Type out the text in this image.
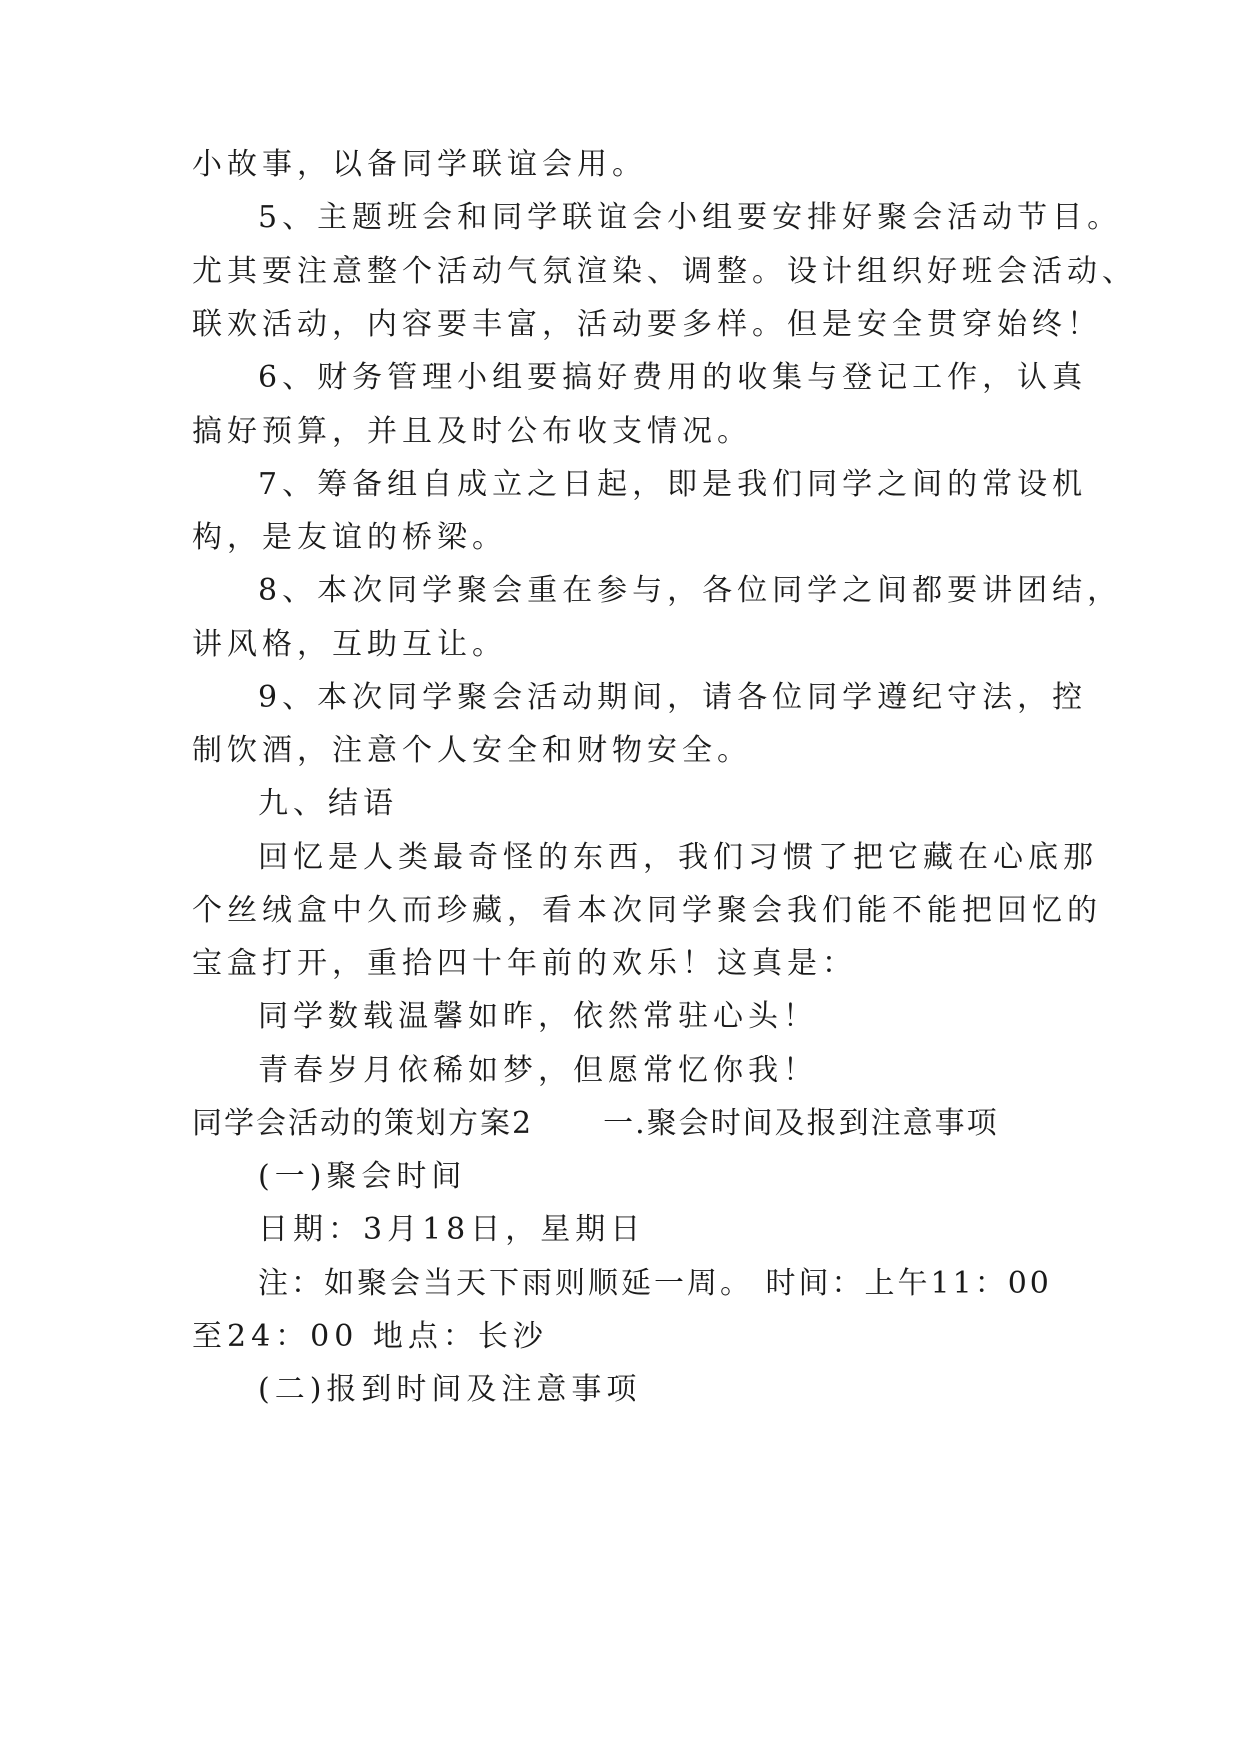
小故事，以备同学联谊会用。
5、主题班会和同学联谊会小组要安排好聚会活动节目。
尤其要注意整个活动气氛渲染、调整。设计组织好班会活动、
联欢活动，内容要丰富，活动要多样。但是安全贯穿始终！
6、财务管理小组要搞好费用的收集与登记工作，认真
搞好预算，并且及时公布收支情况。
7、筹备组自成立之日起，即是我们同学之间的常设机
构，是友谊的桥梁。
8、本次同学聚会重在参与，各位同学之间都要讲团结，
讲风格，互助互让。
9、本次同学聚会活动期间，请各位同学遵纪守法，控
制饮酒，注意个人安全和财物安全。
九、结语
回忆是人类最奇怪的东西，我们习惯了把它藏在心底那
个丝绒盒中久而珍藏，看本次同学聚会我们能不能把回忆的
宝盒打开，重拾四十年前的欢乐！这真是：
同学数载温馨如昨，依然常驻心头！
青春岁月依稀如梦，但愿常忆你我！
同学会活动的策划方案2 一.聚会时间及报到注意事项
(一)聚会时间
日期：3月18日，星期日
注：如聚会当天下雨则顺延一周。 时间：上午11：00
至24：00 地点：长沙
(二)报到时间及注意事项
